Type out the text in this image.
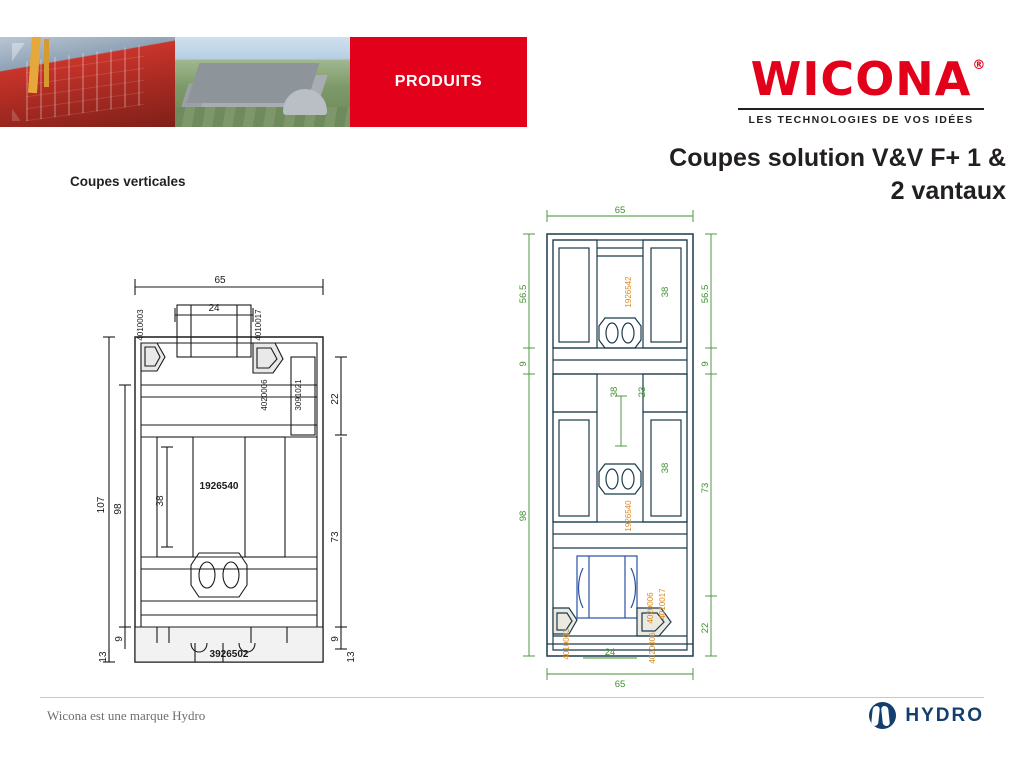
PRODUITS	WICONA ®
LES TECHNOLOGIES DE VOS IDÉES
Coupes verticales
Coupes solution V&V F+ 1 &
2 vantaux
65
24
107 98
38
22
73
9
13
9
13
4010003	4010017
4020006	3091021
1926540
3926502
65
56.5
9
98
56.5
9
73
22
38 23
38
38
24
65
1926542
1926540
4010017
4020006
4010003	4020006
Wicona est une marque Hydro	HYDRO
